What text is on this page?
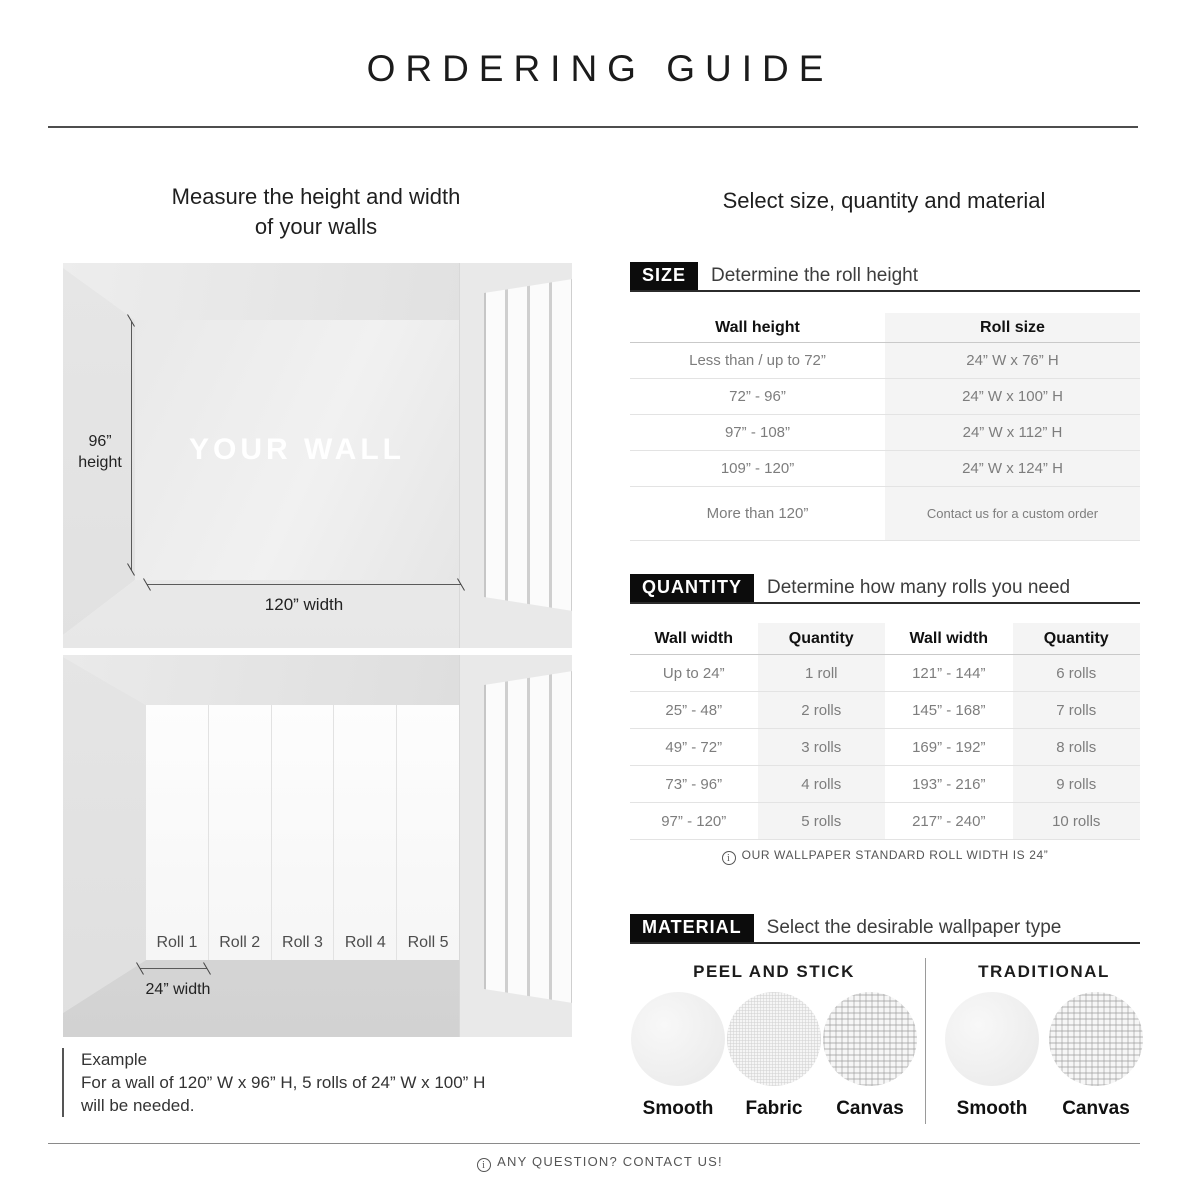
ORDERING GUIDE
Measure the height and width
of your walls
YOUR WALL
96”
height
120” width
Roll 1	Roll 2	Roll 3	Roll 4	Roll 5
24” width
Example
For a wall of 120” W x 96” H, 5 rolls of 24” W x 100” H
will be needed.
Select size, quantity and material
SIZE	Determine the roll height
Wall height	Roll size
Less than / up to 72”	24” W x 76” H
72” - 96”	24” W x 100” H
97” - 108”	24” W x 112” H
109” - 120”	24” W x 124” H
More than 120”	Contact us for a custom order
QUANTITY	Determine how many rolls you need
Wall width	Quantity	Wall width	Quantity
Up to 24”	1 roll	121” - 144”	6 rolls
25” - 48”	2 rolls	145” - 168”	7 rolls
49” - 72”	3 rolls	169” - 192”	8 rolls
73” - 96”	4 rolls	193” - 216”	9 rolls
97” - 120”	5 rolls	217” - 240”	10 rolls
i OUR WALLPAPER STANDARD ROLL WIDTH IS 24”
MATERIAL	Select the desirable wallpaper type
PEEL AND STICK	TRADITIONAL
Smooth Fabric Canvas	Smooth Canvas
i ANY QUESTION? CONTACT US!
